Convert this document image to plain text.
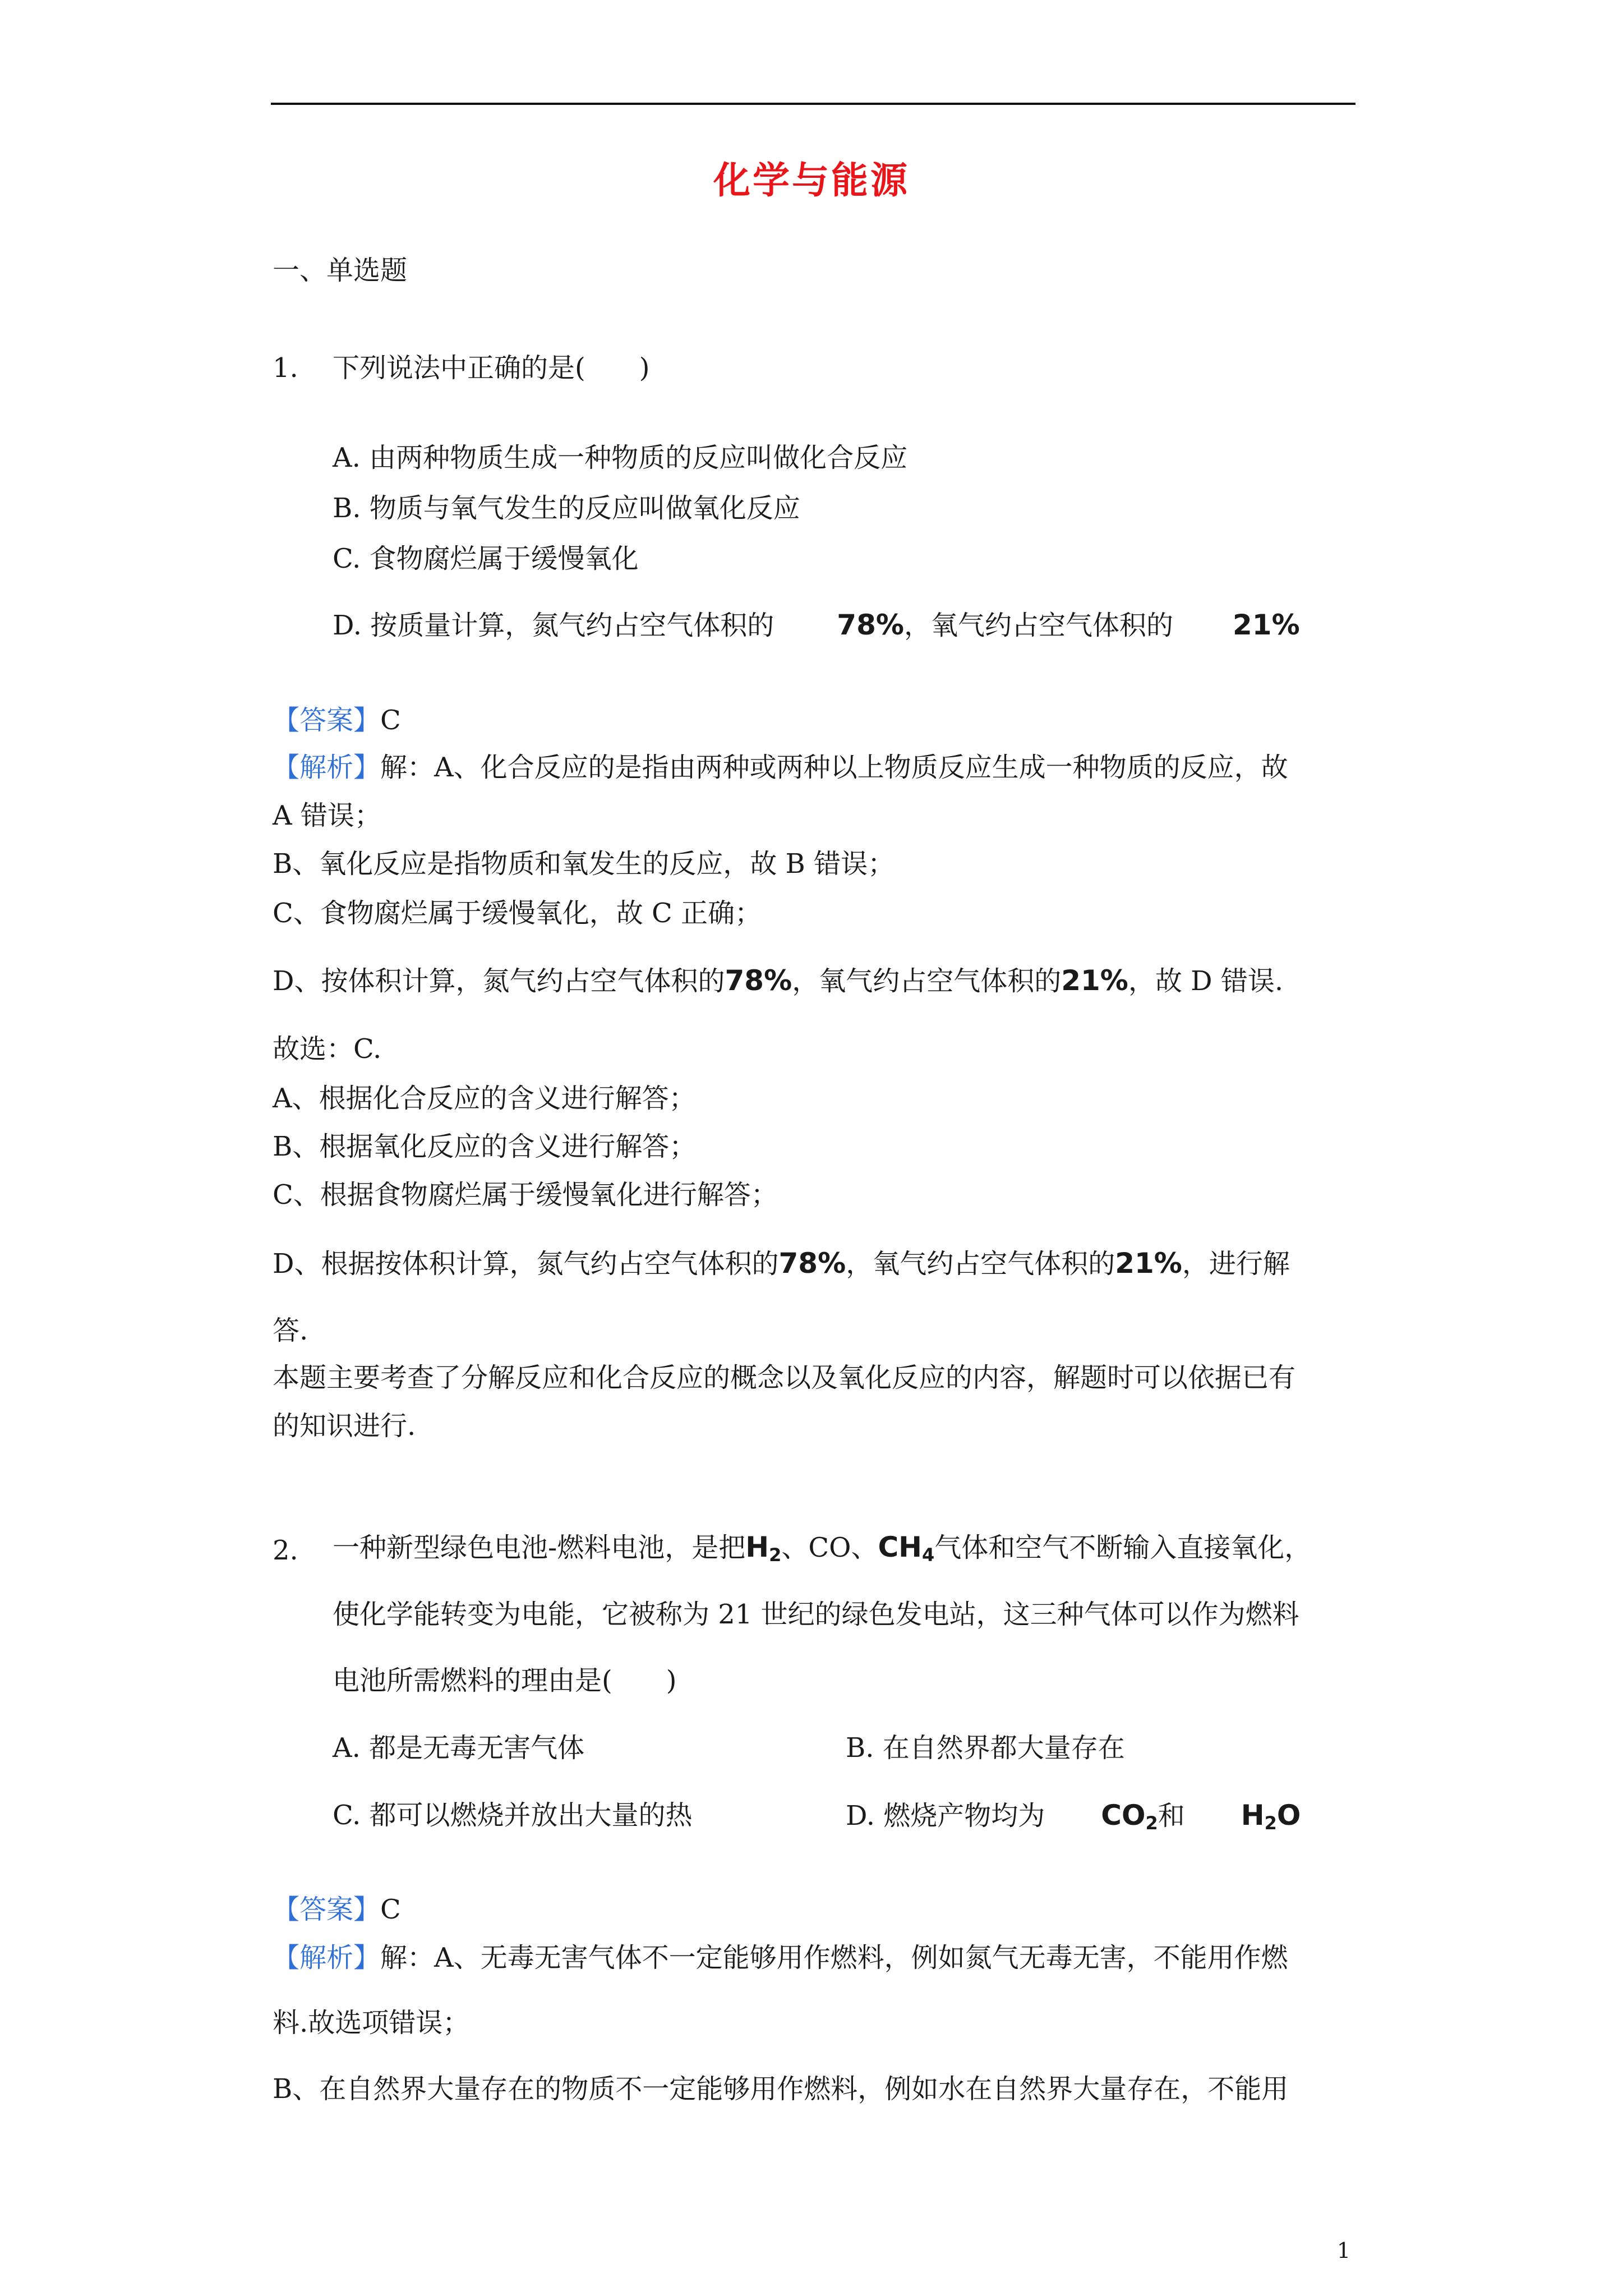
化学与能源
一、单选题
1. 下列说法中正确的是(　　)
A. 由两种物质生成一种物质的反应叫做化合反应
B. 物质与氧气发生的反应叫做氧化反应
C. 食物腐烂属于缓慢氧化
D. 按质量计算，氮气约占空气体积的 78%，氧气约占空气体积的 21%
【答案】C
【解析】解：A、化合反应的是指由两种或两种以上物质反应生成一种物质的反应，故
A 错误；
B、氧化反应是指物质和氧发生的反应，故 B 错误；
C、食物腐烂属于缓慢氧化，故 C 正确；
D、按体积计算，氮气约占空气体积的78%，氧气约占空气体积的21%，故 D 错误.
故选：C.
A、根据化合反应的含义进行解答；
B、根据氧化反应的含义进行解答；
C、根据食物腐烂属于缓慢氧化进行解答；
D、根据按体积计算，氮气约占空气体积的78%，氧气约占空气体积的21%，进行解
答.
本题主要考查了分解反应和化合反应的概念以及氧化反应的内容，解题时可以依据已有
的知识进行.
2. 一种新型绿色电池-燃料电池，是把$H_2$、CO、$CH_4$气体和空气不断输入直接氧化，
使化学能转变为电能，它被称为 21 世纪的绿色发电站，这三种气体可以作为燃料
电池所需燃料的理由是(　　)
A. 都是无毒无害气体	B. 在自然界都大量存在
C. 都可以燃烧并放出大量的热	D. 燃烧产物均为 $CO_2$和 $H_2O$
【答案】C
【解析】解：A、无毒无害气体不一定能够用作燃料，例如氮气无毒无害，不能用作燃
料.故选项错误；
B、在自然界大量存在的物质不一定能够用作燃料，例如水在自然界大量存在，不能用
1
